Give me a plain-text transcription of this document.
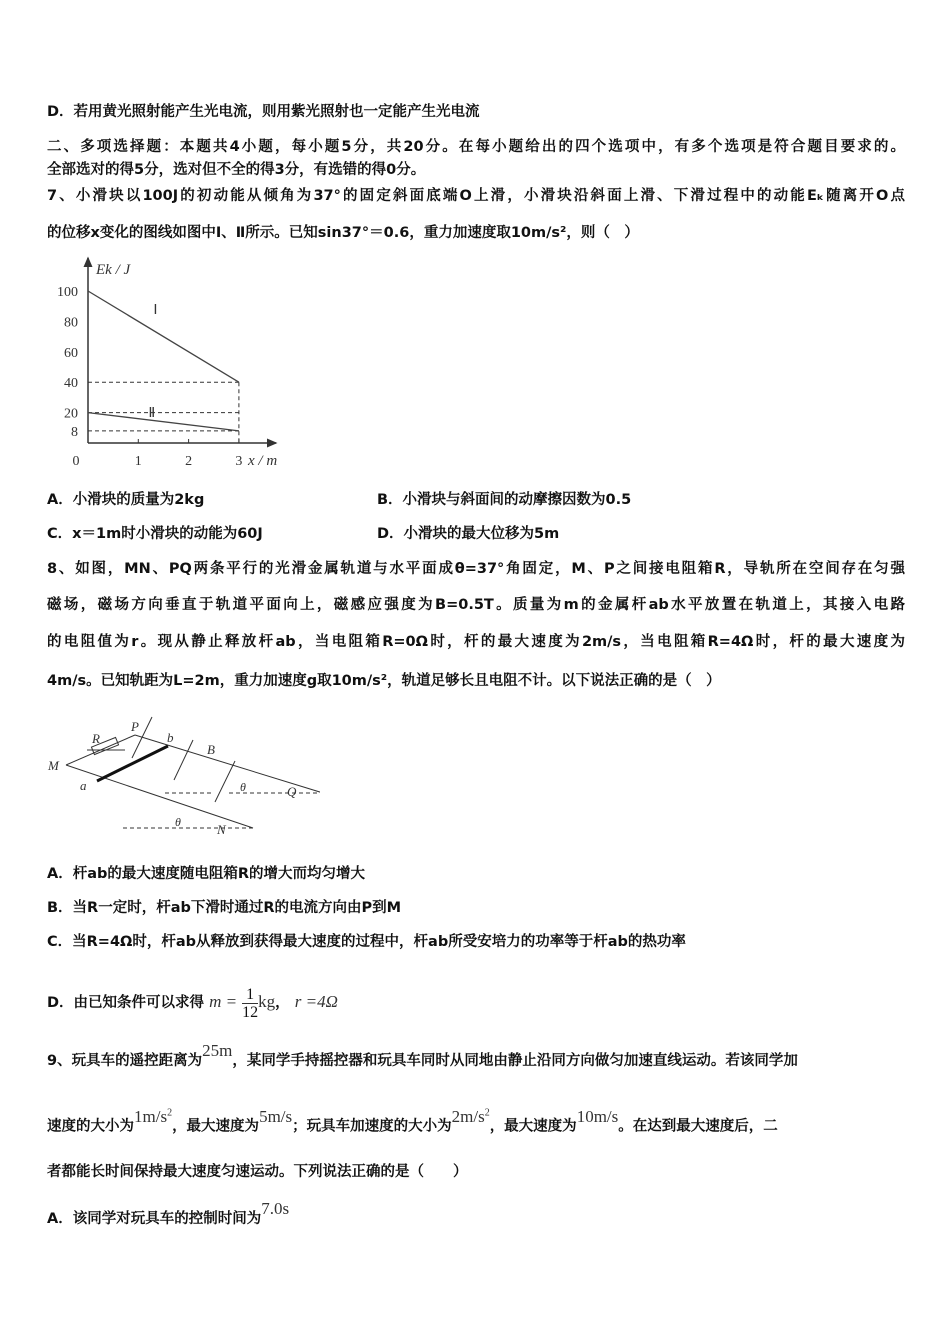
D．若用黄光照射能产生光电流，则用紫光照射也一定能产生光电流
二、多项选择题：本题共4小题，每小题5分，共20分。在每小题给出的四个选项中，有多个选项是符合题目要求的。
全部选对的得5分，选对但不全的得3分，有选错的得0分。
7、小滑块以100J的初动能从倾角为37°的固定斜面底端O上滑，小滑块沿斜面上滑、下滑过程中的动能Eₖ随离开O点
的位移x变化的图线如图中Ⅰ、Ⅱ所示。已知sin37°＝0.6，重力加速度取10m/s²，则（　）
Ek / J
x / m
Ⅰ
Ⅱ
100
80
60
40
20
8
0	1	2	3
A．小滑块的质量为2kg	B．小滑块与斜面间的动摩擦因数为0.5
C．x＝1m时小滑块的动能为60J	D．小滑块的最大位移为5m
8、如图，MN、PQ两条平行的光滑金属轨道与水平面成θ=37°角固定，M、P之间接电阻箱R，导轨所在空间存在匀强
磁场，磁场方向垂直于轨道平面向上，磁感应强度为B=0.5T。质量为m的金属杆ab水平放置在轨道上，其接入电路
的电阻值为r。现从静止释放杆ab，当电阻箱R=0Ω时，杆的最大速度为2m/s，当电阻箱R=4Ω时，杆的最大速度为
4m/s。已知轨距为L=2m，重力加速度g取10m/s²，轨道足够长且电阻不计。以下说法正确的是（　）
P
R	b
B
M
a	Q
N
θ
θ
A．杆ab的最大速度随电阻箱R的增大而均匀增大
B．当R一定时，杆ab下滑时通过R的电流方向由P到M
C．当R=4Ω时，杆ab从释放到获得最大速度的过程中，杆ab所受安培力的功率等于杆ab的热功率
D．由已知条件可以求得 $m = \frac{1}{12}$ kg， r =4Ω
9、玩具车的遥控距离为25m，某同学手持摇控器和玩具车同时从同地由静止沿同方向做匀加速直线运动。若该同学加
速度的大小为$1m/s^2$，最大速度为5m/s；玩具车加速度的大小为$2m/s^2$，最大速度为10m/s。在达到最大速度后，二
者都能长时间保持最大速度匀速运动。下列说法正确的是（　　）
A．该同学对玩具车的控制时间为7.0s
